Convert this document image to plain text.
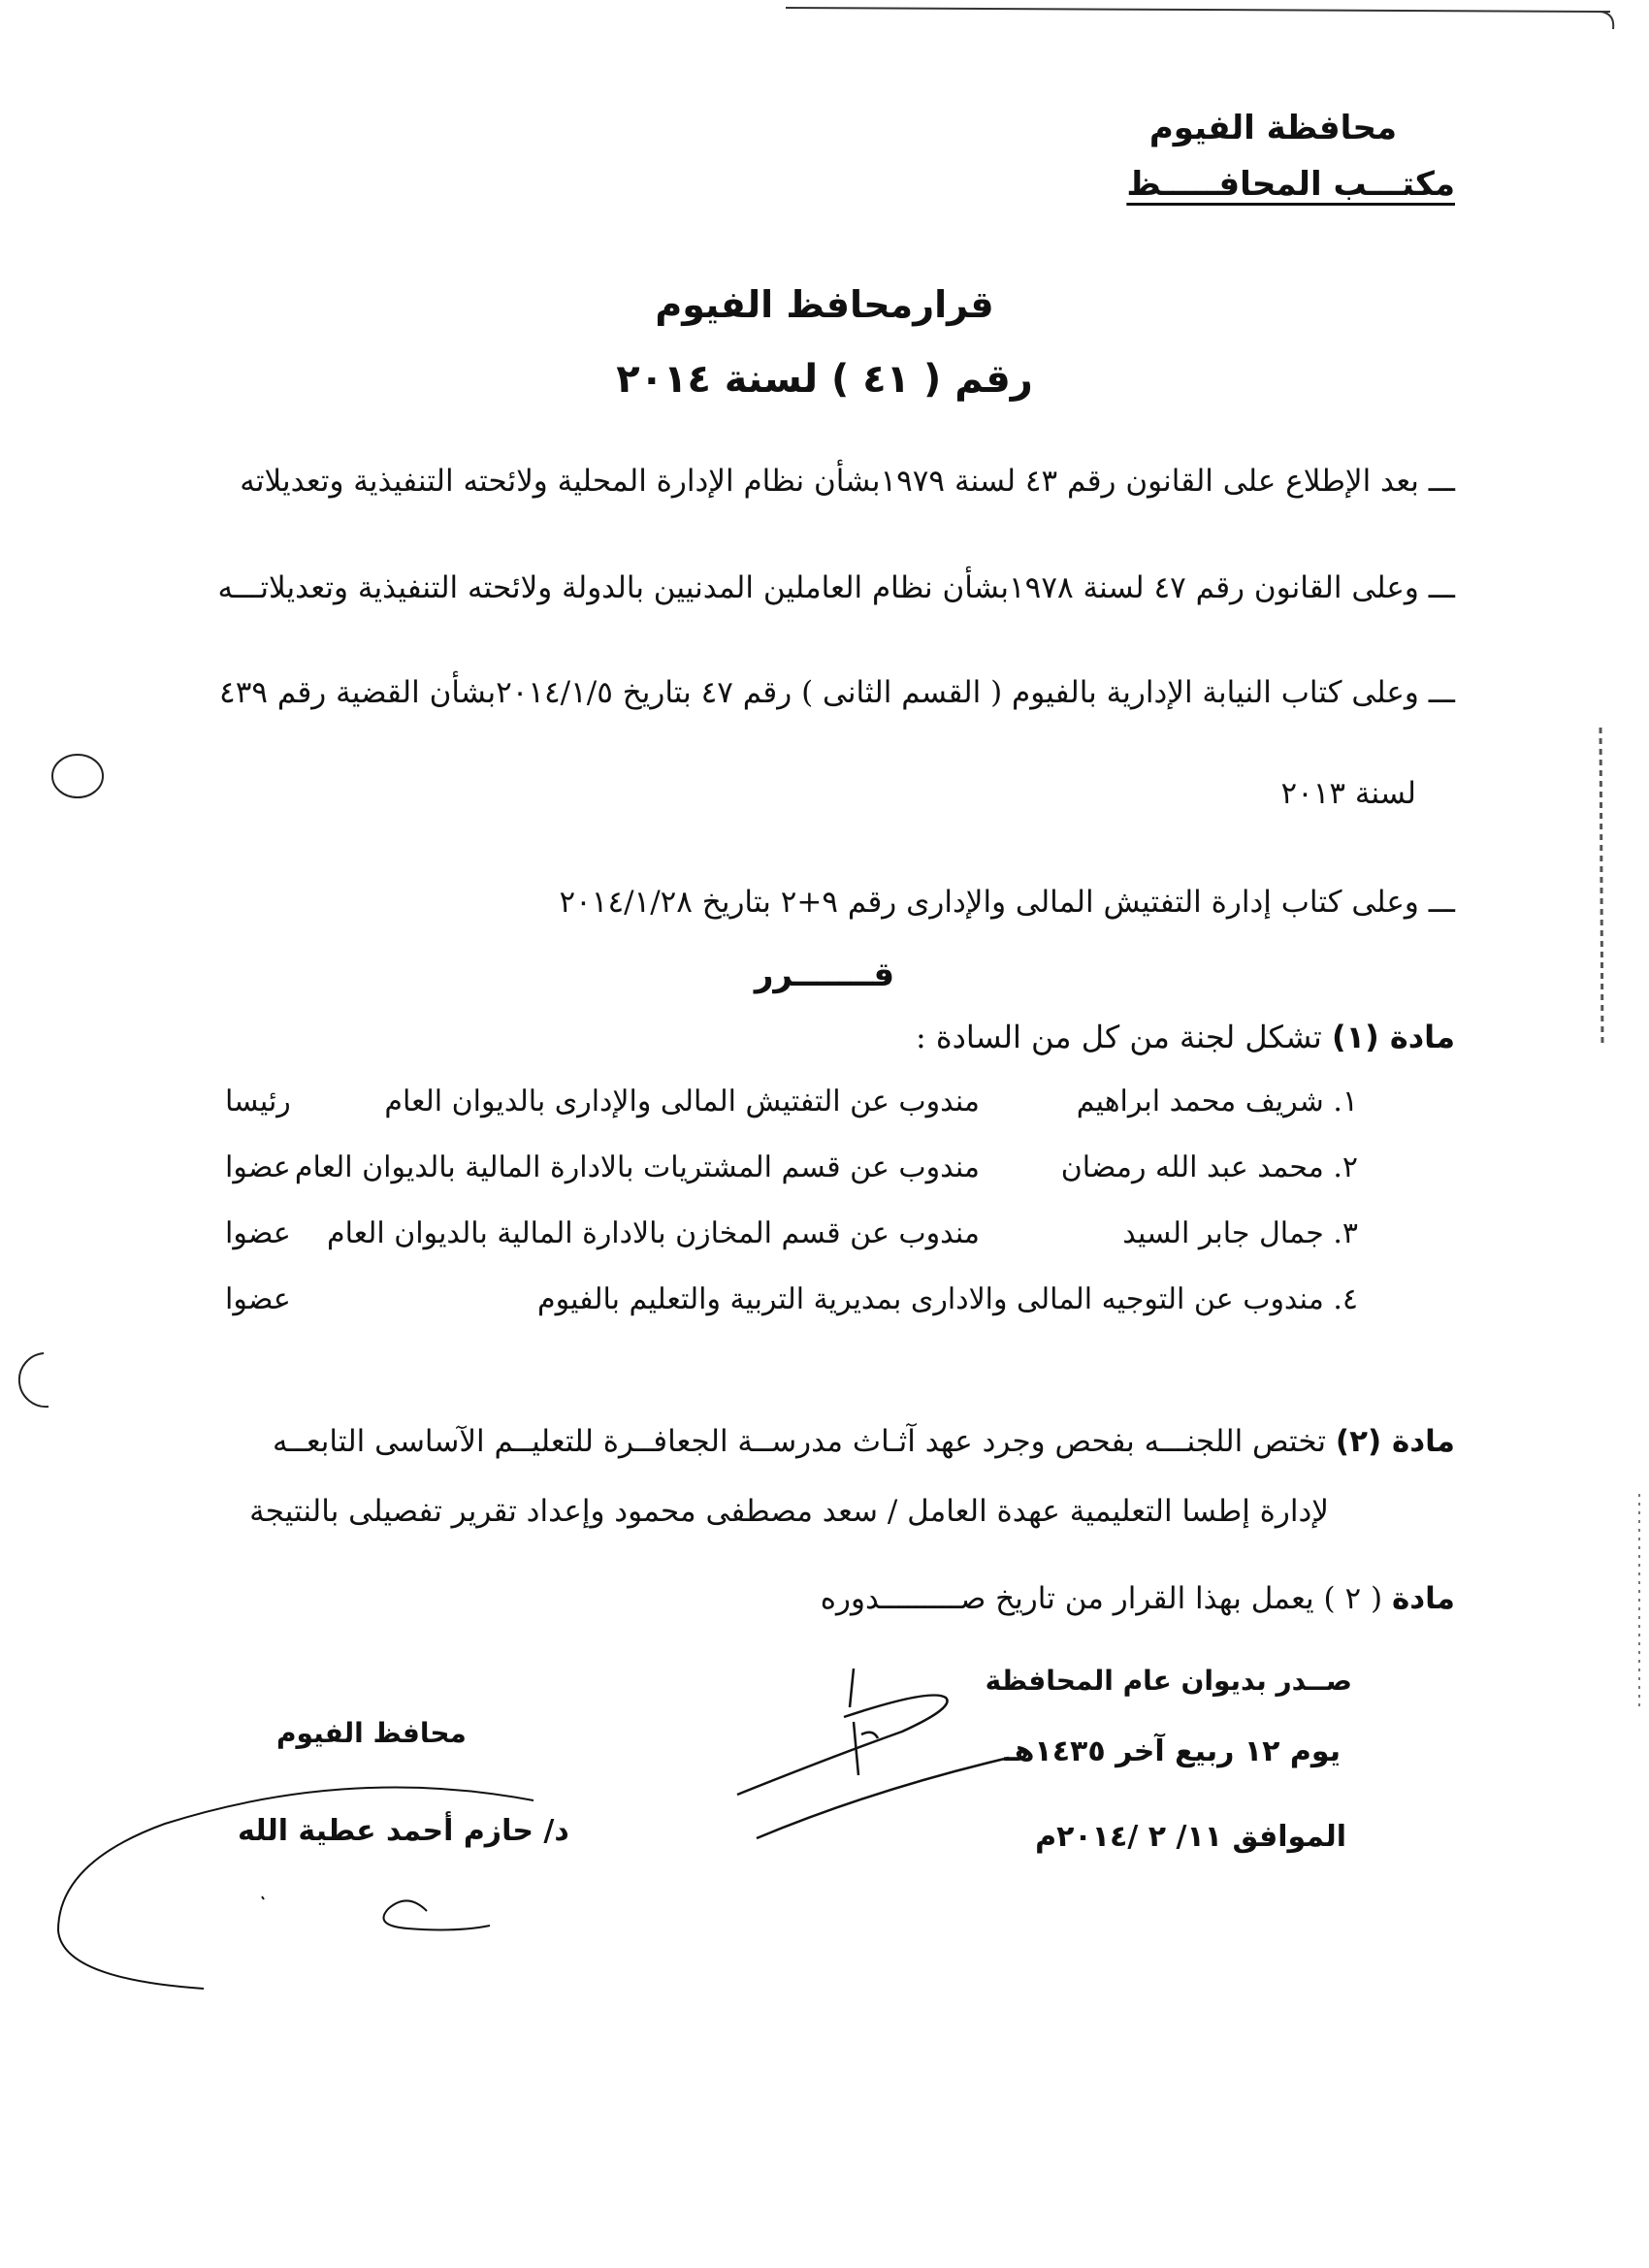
محافظة الفيوم
مكتـــب المحافـــــظ
قرارمحافظ الفيوم
رقم ( ٤١ ) لسنة ٢٠١٤
ـــ بعد الإطلاع على القانون رقم ٤٣ لسنة ١٩٧٩بشأن نظام الإدارة المحلية ولائحته التنفيذية وتعديلاته
ـــ وعلى القانون رقم ٤٧ لسنة ١٩٧٨بشأن نظام العاملين المدنيين بالدولة ولائحته التنفيذية وتعديلاتـــه
ـــ وعلى كتاب النيابة الإدارية بالفيوم ( القسم الثانى ) رقم ٤٧ بتاريخ ٢٠١٤/١/٥بشأن القضية رقم ٤٣٩
لسنة ٢٠١٣
ـــ وعلى كتاب إدارة التفتيش المالى والإدارى رقم ٩+٢ بتاريخ ٢٠١٤/١/٢٨
قـــــــرر
مادة (١) تشكل لجنة من كل من السادة :
١. شريف محمد ابراهيم
مندوب عن التفتيش المالى والإدارى بالديوان العام
رئيسا
٢. محمد عبد الله رمضان
مندوب عن قسم المشتريات بالادارة المالية بالديوان العام
عضوا
٣. جمال جابر السيد
مندوب عن قسم المخازن بالادارة المالية بالديوان العام
عضوا
٤. مندوب عن التوجيه المالى والادارى بمديرية التربية والتعليم بالفيوم
عضوا
مادة (٢) تختص اللجنـــه بفحص وجرد عهد آثـاث مدرســة الجعافــرة للتعليــم الآساسى التابعــه
لإدارة إطسا التعليمية عهدة العامل / سعد مصطفى محمود وإعداد تقرير تفصيلى بالنتيجة
مادة ( ٢ ) يعمل بهذا القرار من تاريخ صـــــــــدوره
صــدر بديوان عام المحافظة
يوم ١٢ ربيع آخر ١٤٣٥هـ
الموافق ١١/ ٢ /٢٠١٤م
محافظ الفيوم
د/ حازم أحمد عطية الله
